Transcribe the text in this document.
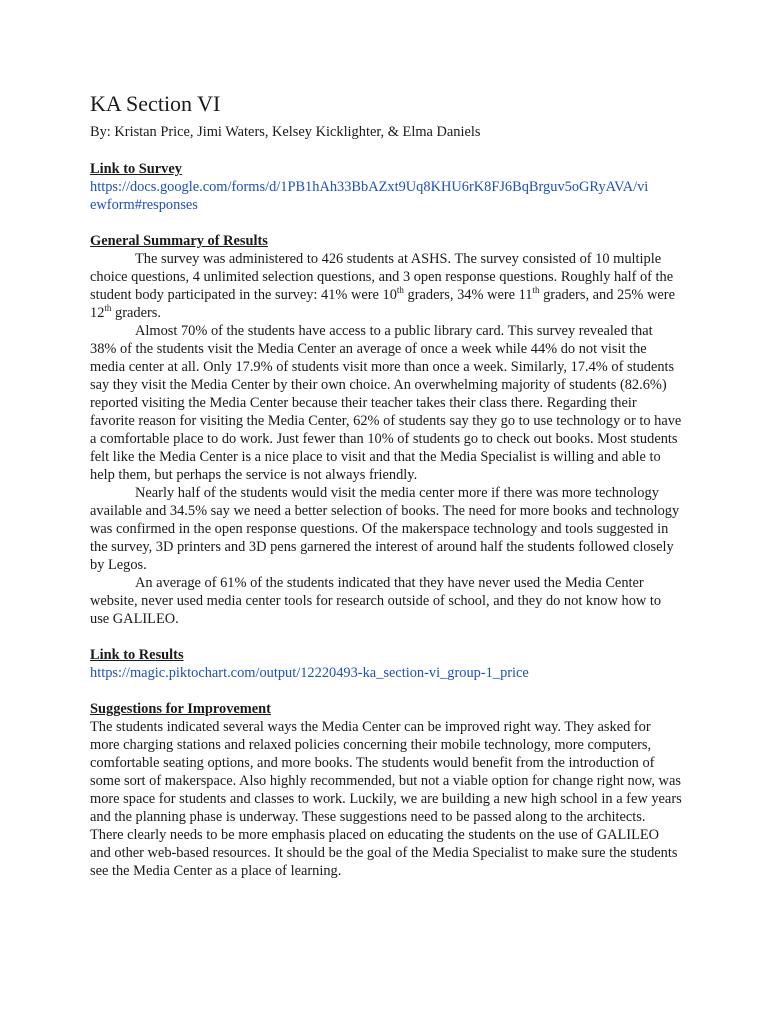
KA Section VI

By: Kristan Price, Jimi Waters, Kelsey Kicklighter, & Elma Daniels

Link to Survey

https://docs.google.com/forms/d/1PB1hAh33BbAZxt9Uq8KHU6rK8FJ6BqBrguv5oGRyAVA/vi
ewform#responses

General Summary of Results

The survey was administered to 426 students at ASHS. The survey consisted of 10 multiple choice questions, 4 unlimited selection questions, and 3 open response questions. Roughly half of the student body participated in the survey: 41% were 10th graders, 34% were 11th graders, and 25% were 12th graders.

Almost 70% of the students have access to a public library card. This survey revealed that 38% of the students visit the Media Center an average of once a week while 44% do not visit the media center at all. Only 17.9% of students visit more than once a week. Similarly, 17.4% of students say they visit the Media Center by their own choice. An overwhelming majority of students (82.6%) reported visiting the Media Center because their teacher takes their class there. Regarding their favorite reason for visiting the Media Center, 62% of students say they go to use technology or to have a comfortable place to do work. Just fewer than 10% of students go to check out books. Most students felt like the Media Center is a nice place to visit and that the Media Specialist is willing and able to help them, but perhaps the service is not always friendly.

Nearly half of the students would visit the media center more if there was more technology available and 34.5% say we need a better selection of books. The need for more books and technology was confirmed in the open response questions. Of the makerspace technology and tools suggested in the survey, 3D printers and 3D pens garnered the interest of around half the students followed closely by Legos.

An average of 61% of the students indicated that they have never used the Media Center website, never used media center tools for research outside of school, and they do not know how to use GALILEO.

Link to Results

https://magic.piktochart.com/output/12220493-ka_section-vi_group-1_price

Suggestions for Improvement

The students indicated several ways the Media Center can be improved right way. They asked for more charging stations and relaxed policies concerning their mobile technology, more computers, comfortable seating options, and more books. The students would benefit from the introduction of some sort of makerspace. Also highly recommended, but not a viable option for change right now, was more space for students and classes to work. Luckily, we are building a new high school in a few years and the planning phase is underway. These suggestions need to be passed along to the architects. There clearly needs to be more emphasis placed on educating the students on the use of GALILEO and other web-based resources. It should be the goal of the Media Specialist to make sure the students see the Media Center as a place of learning.
